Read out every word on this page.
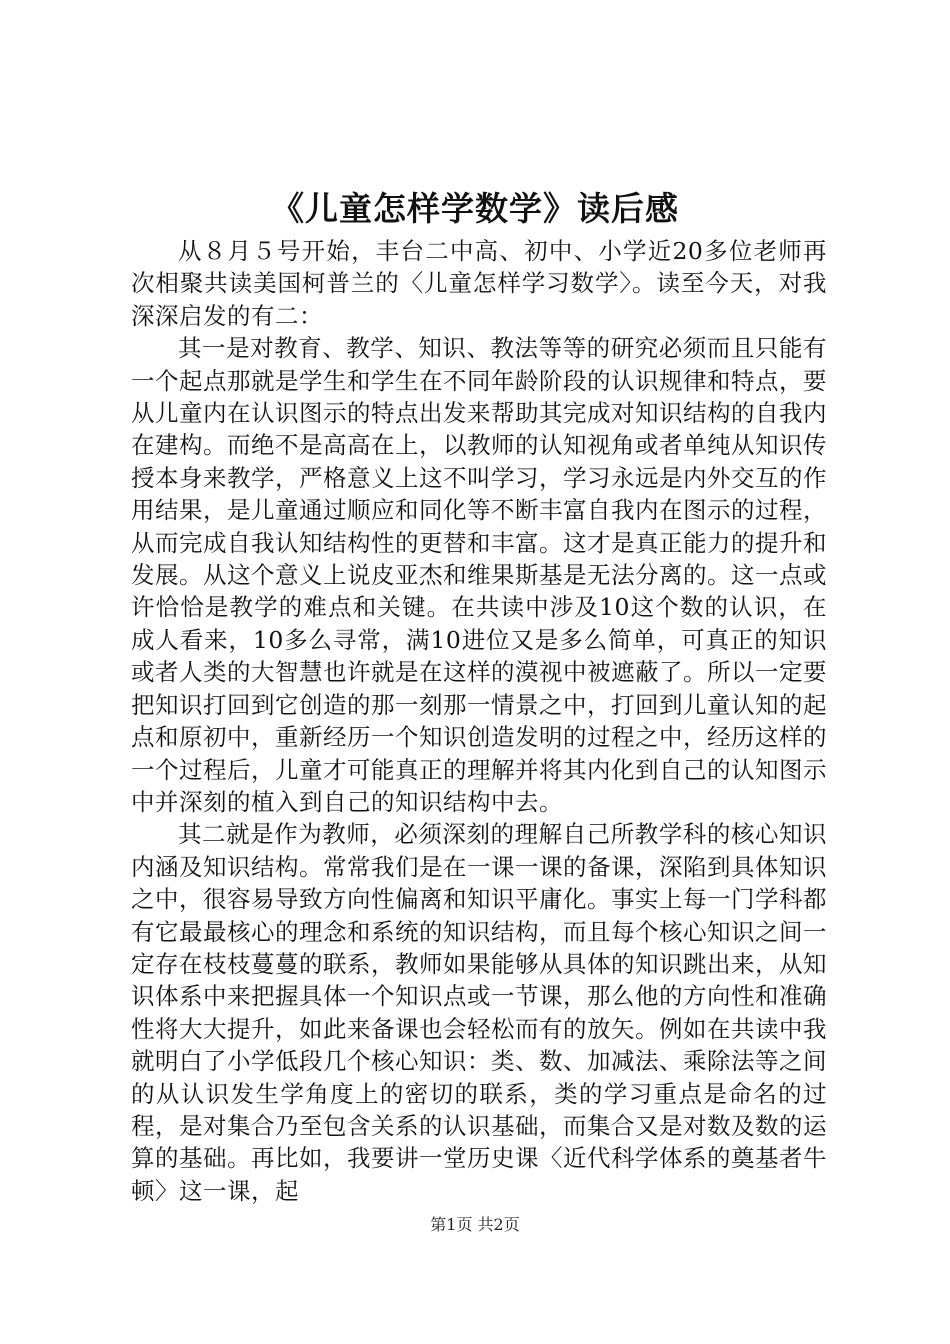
《儿童怎样学数学》读后感

从８月５号开始，丰台二中高、初中、小学近20多位老师再次相聚共读美国柯普兰的〈儿童怎样学习数学〉。读至今天，对我深深启发的有二：

其一是对教育、教学、知识、教法等等的研究必须而且只能有一个起点那就是学生和学生在不同年龄阶段的认识规律和特点，要从儿童内在认识图示的特点出发来帮助其完成对知识结构的自我内在建构。而绝不是高高在上，以教师的认知视角或者单纯从知识传授本身来教学，严格意义上这不叫学习，学习永远是内外交互的作用结果，是儿童通过顺应和同化等不断丰富自我内在图示的过程，从而完成自我认知结构性的更替和丰富。这才是真正能力的提升和发展。从这个意义上说皮亚杰和维果斯基是无法分离的。这一点或许恰恰是教学的难点和关键。在共读中涉及10这个数的认识，在成人看来，10多么寻常，满10进位又是多么简单，可真正的知识或者人类的大智慧也许就是在这样的漠视中被遮蔽了。所以一定要把知识打回到它创造的那一刻那一情景之中，打回到儿童认知的起点和原初中，重新经历一个知识创造发明的过程之中，经历这样的一个过程后，儿童才可能真正的理解并将其内化到自己的认知图示中并深刻的植入到自己的知识结构中去。

其二就是作为教师，必须深刻的理解自己所教学科的核心知识内涵及知识结构。常常我们是在一课一课的备课，深陷到具体知识之中，很容易导致方向性偏离和知识平庸化。事实上每一门学科都有它最最核心的理念和系统的知识结构，而且每个核心知识之间一定存在枝枝蔓蔓的联系，教师如果能够从具体的知识跳出来，从知识体系中来把握具体一个知识点或一节课，那么他的方向性和准确性将大大提升，如此来备课也会轻松而有的放矢。例如在共读中我就明白了小学低段几个核心知识：类、数、加减法、乘除法等之间的从认识发生学角度上的密切的联系，类的学习重点是命名的过程，是对集合乃至包含关系的认识基础，而集合又是对数及数的运算的基础。再比如，我要讲一堂历史课〈近代科学体系的奠基者牛顿〉这一课，起

第1页 共2页
